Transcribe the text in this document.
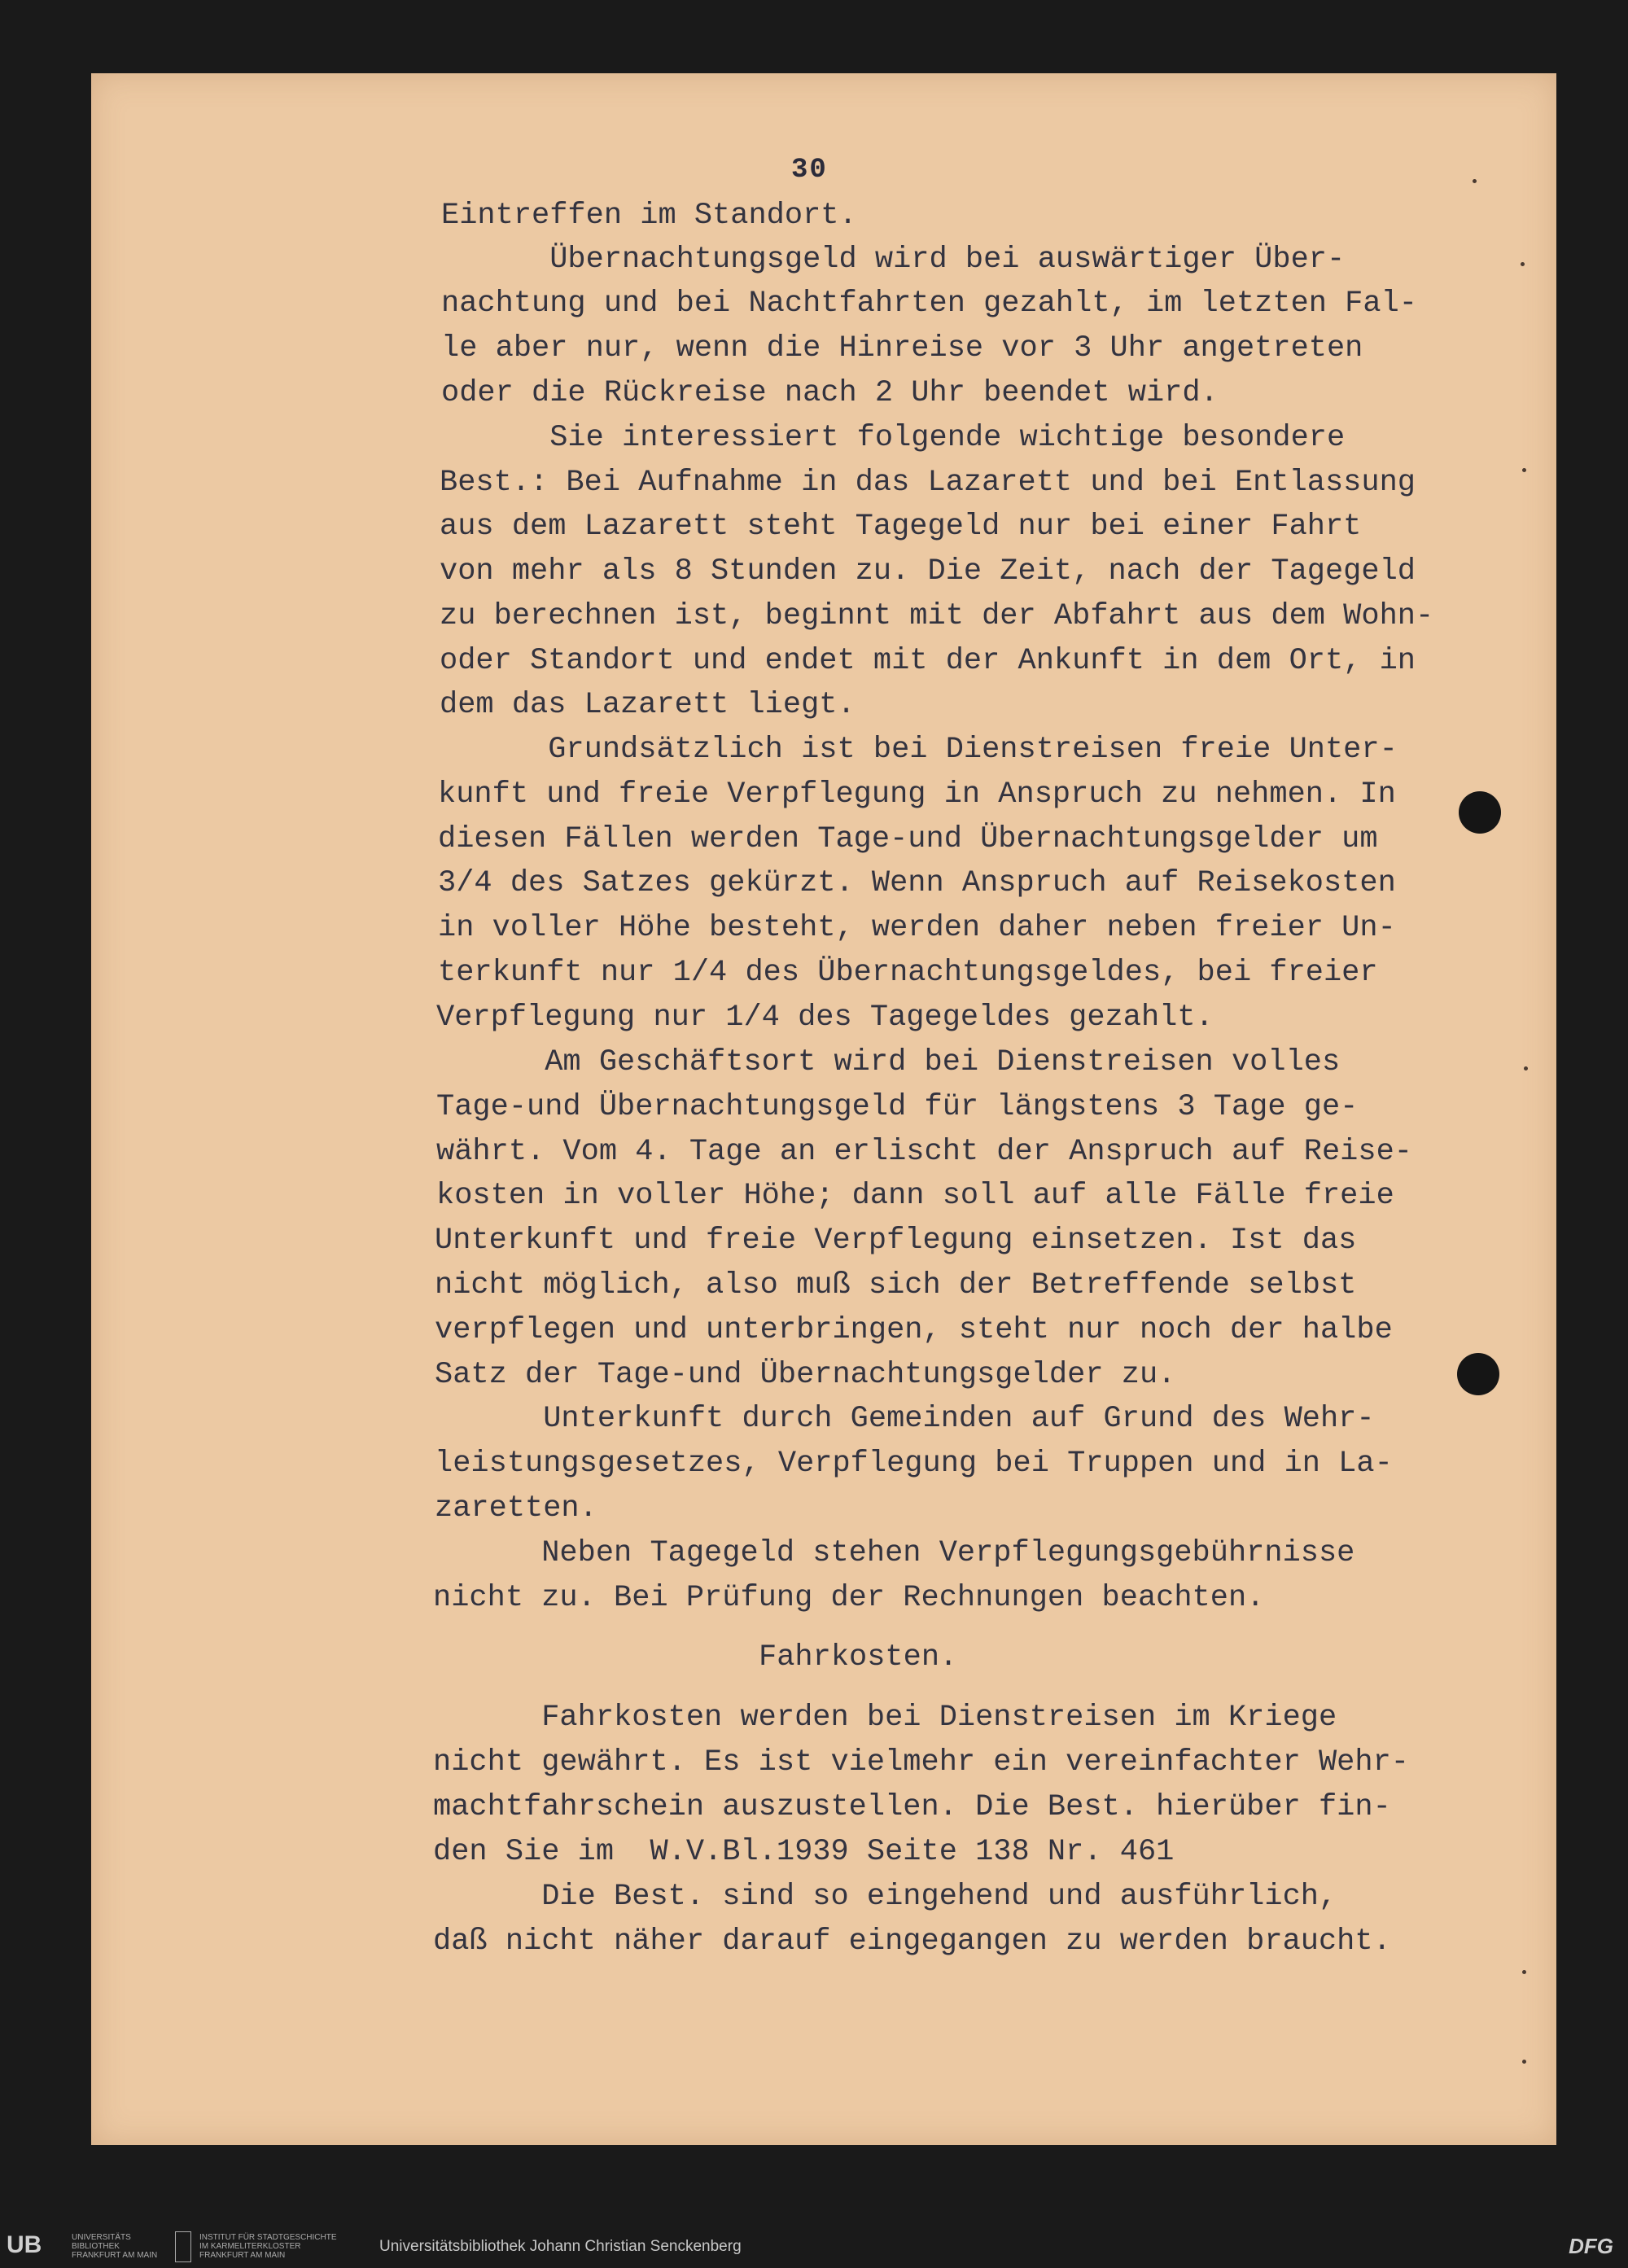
30
Eintreffen im Standort.
Übernachtungsgeld wird bei auswärtiger Über-
nachtung und bei Nachtfahrten gezahlt, im letzten Fal-
le aber nur, wenn die Hinreise vor 3 Uhr angetreten
oder die Rückreise nach 2 Uhr beendet wird.
Sie interessiert folgende wichtige besondere
Best.: Bei Aufnahme in das Lazarett und bei Entlassung
aus dem Lazarett steht Tagegeld nur bei einer Fahrt
von mehr als 8 Stunden zu. Die Zeit, nach der Tagegeld
zu berechnen ist, beginnt mit der Abfahrt aus dem Wohn-
oder Standort und endet mit der Ankunft in dem Ort, in
dem das Lazarett liegt.
Grundsätzlich ist bei Dienstreisen freie Unter-
kunft und freie Verpflegung in Anspruch zu nehmen. In
diesen Fällen werden Tage-und Übernachtungsgelder um
3/4 des Satzes gekürzt. Wenn Anspruch auf Reisekosten
in voller Höhe besteht, werden daher neben freier Un-
terkunft nur 1/4 des Übernachtungsgeldes, bei freier
Verpflegung nur 1/4 des Tagegeldes gezahlt.
Am Geschäftsort wird bei Dienstreisen volles
Tage-und Übernachtungsgeld für längstens 3 Tage ge-
währt. Vom 4. Tage an erlischt der Anspruch auf Reise-
kosten in voller Höhe; dann soll auf alle Fälle freie
Unterkunft und freie Verpflegung einsetzen. Ist das
nicht möglich, also muß sich der Betreffende selbst
verpflegen und unterbringen, steht nur noch der halbe
Satz der Tage-und Übernachtungsgelder zu.
Unterkunft durch Gemeinden auf Grund des Wehr-
leistungsgesetzes, Verpflegung bei Truppen und in La-
zaretten.
Neben Tagegeld stehen Verpflegungsgebührnisse
nicht zu. Bei Prüfung der Rechnungen beachten.
Fahrkosten.
Fahrkosten werden bei Dienstreisen im Kriege
nicht gewährt. Es ist vielmehr ein vereinfachter Wehr-
machtfahrschein auszustellen. Die Best. hierüber fin-
den Sie im  W.V.Bl.1939 Seite 138 Nr. 461
Die Best. sind so eingehend und ausführlich,
daß nicht näher darauf eingegangen zu werden braucht.
UB	UNIVERSITÄTS BIBLIOTHEK FRANKFURT AM MAIN
INSTITUT FÜR STADTGESCHICHTE IM KARMELITERKLOSTER FRANKFURT AM MAIN
Universitätsbibliothek Johann Christian Senckenberg	DFG
